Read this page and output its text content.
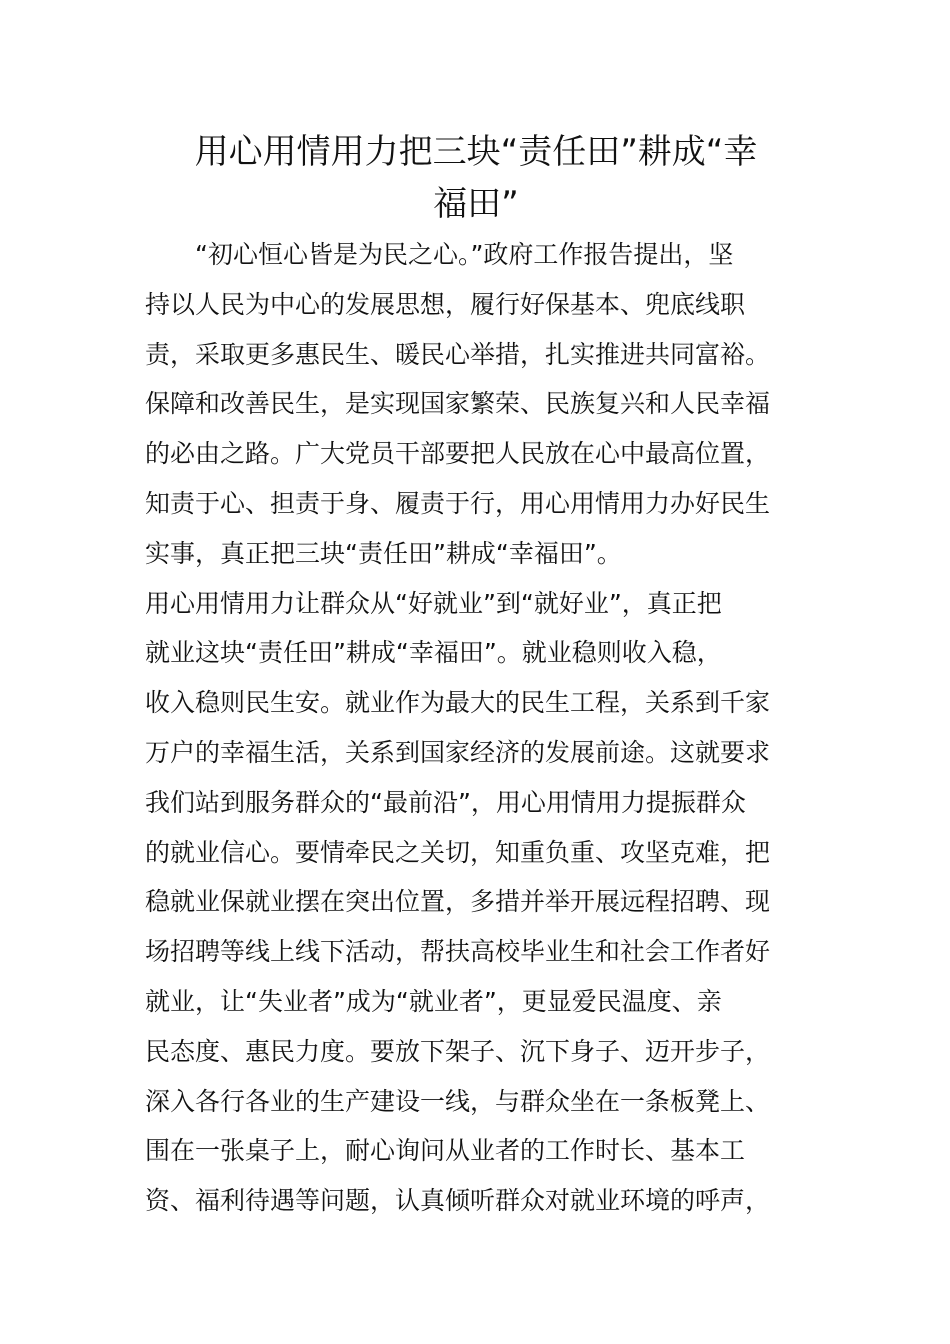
用心用情用力把三块“责任田”耕成“幸
福田”
　　“初心恒心皆是为民之心。”政府工作报告提出，坚
持以人民为中心的发展思想，履行好保基本、兜底线职
责，采取更多惠民生、暖民心举措，扎实推进共同富裕。
保障和改善民生，是实现国家繁荣、民族复兴和人民幸福
的必由之路。广大党员干部要把人民放在心中最高位置，
知责于心、担责于身、履责于行，用心用情用力办好民生
实事，真正把三块“责任田”耕成“幸福田”。
用心用情用力让群众从“好就业”到“就好业”，真正把
就业这块“责任田”耕成“幸福田”。就业稳则收入稳，
收入稳则民生安。就业作为最大的民生工程，关系到千家
万户的幸福生活，关系到国家经济的发展前途。这就要求
我们站到服务群众的“最前沿”，用心用情用力提振群众
的就业信心。要情牵民之关切，知重负重、攻坚克难，把
稳就业保就业摆在突出位置，多措并举开展远程招聘、现
场招聘等线上线下活动，帮扶高校毕业生和社会工作者好
就业，让“失业者”成为“就业者”，更显爱民温度、亲
民态度、惠民力度。要放下架子、沉下身子、迈开步子，
深入各行各业的生产建设一线，与群众坐在一条板凳上、
围在一张桌子上，耐心询问从业者的工作时长、基本工
资、福利待遇等问题，认真倾听群众对就业环境的呼声，
